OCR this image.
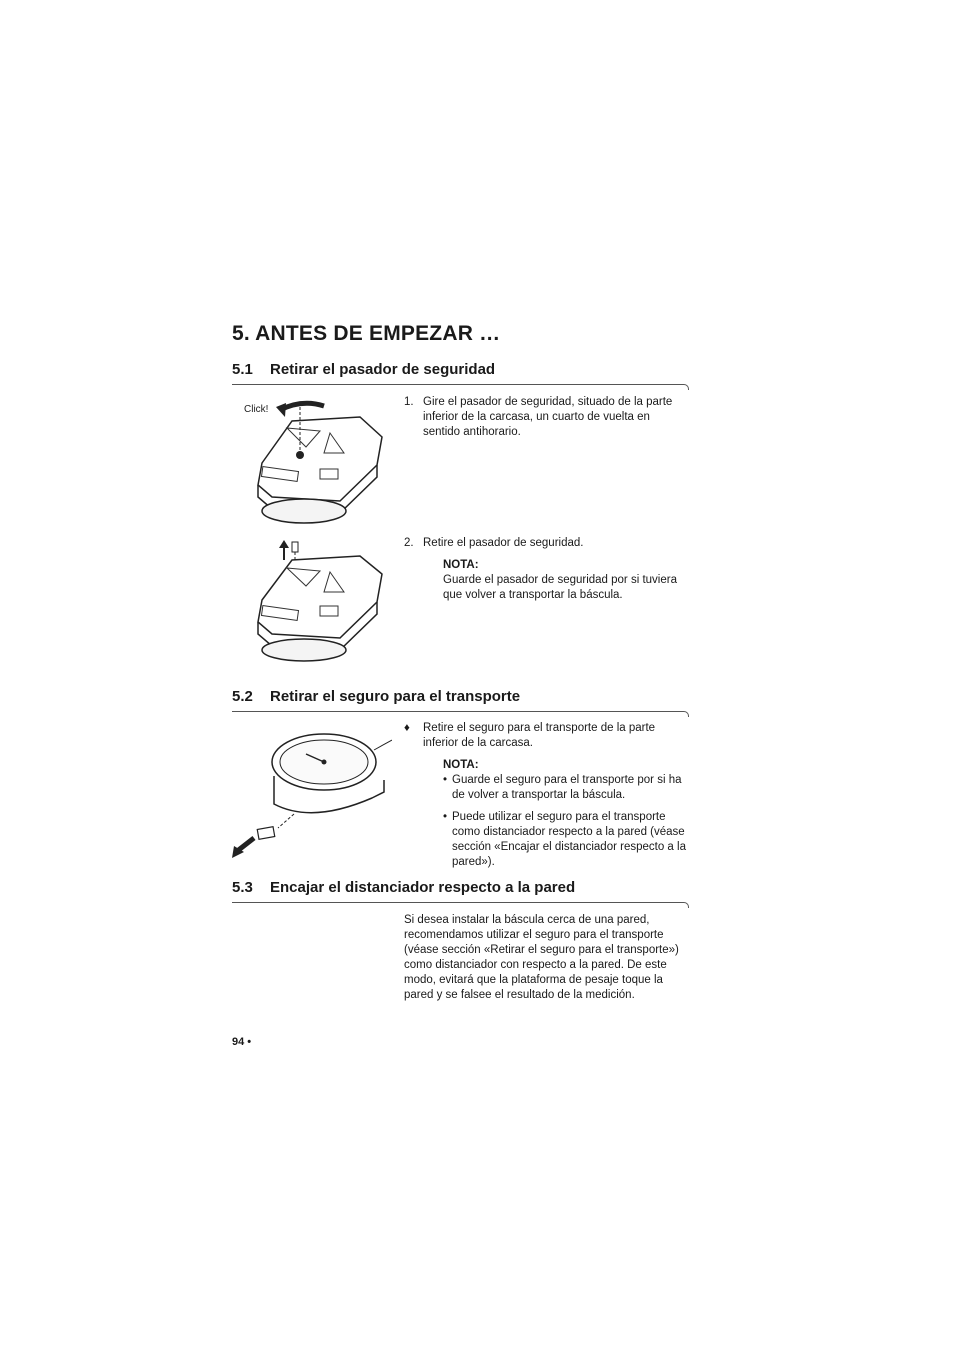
5. ANTES DE EMPEZAR …
5.1 Retirar el pasador de seguridad
Click!
1. Gire el pasador de seguridad, situado de la parte inferior de la carcasa, un cuarto de vuelta en sentido antihorario.
2. Retire el pasador de seguridad.
NOTA:
Guarde el pasador de seguridad por si tuviera que volver a transportar la báscula.
5.2 Retirar el seguro para el transporte
♦ Retire el seguro para el transporte de la parte inferior de la carcasa.
NOTA:
• Guarde el seguro para el transporte por si ha de volver a transportar la báscula.
• Puede utilizar el seguro para el transporte como distanciador respecto a la pared (véase sección «Encajar el distanciador respecto a la pared»).
5.3 Encajar el distanciador respecto a la pared
Si desea instalar la báscula cerca de una pared, recomendamos utilizar el seguro para el transporte (véase sección «Retirar el seguro para el transporte») como distanciador con respecto a la pared. De este modo, evitará que la plataforma de pesaje toque la pared y se falsee el resultado de la medición.
94 •
